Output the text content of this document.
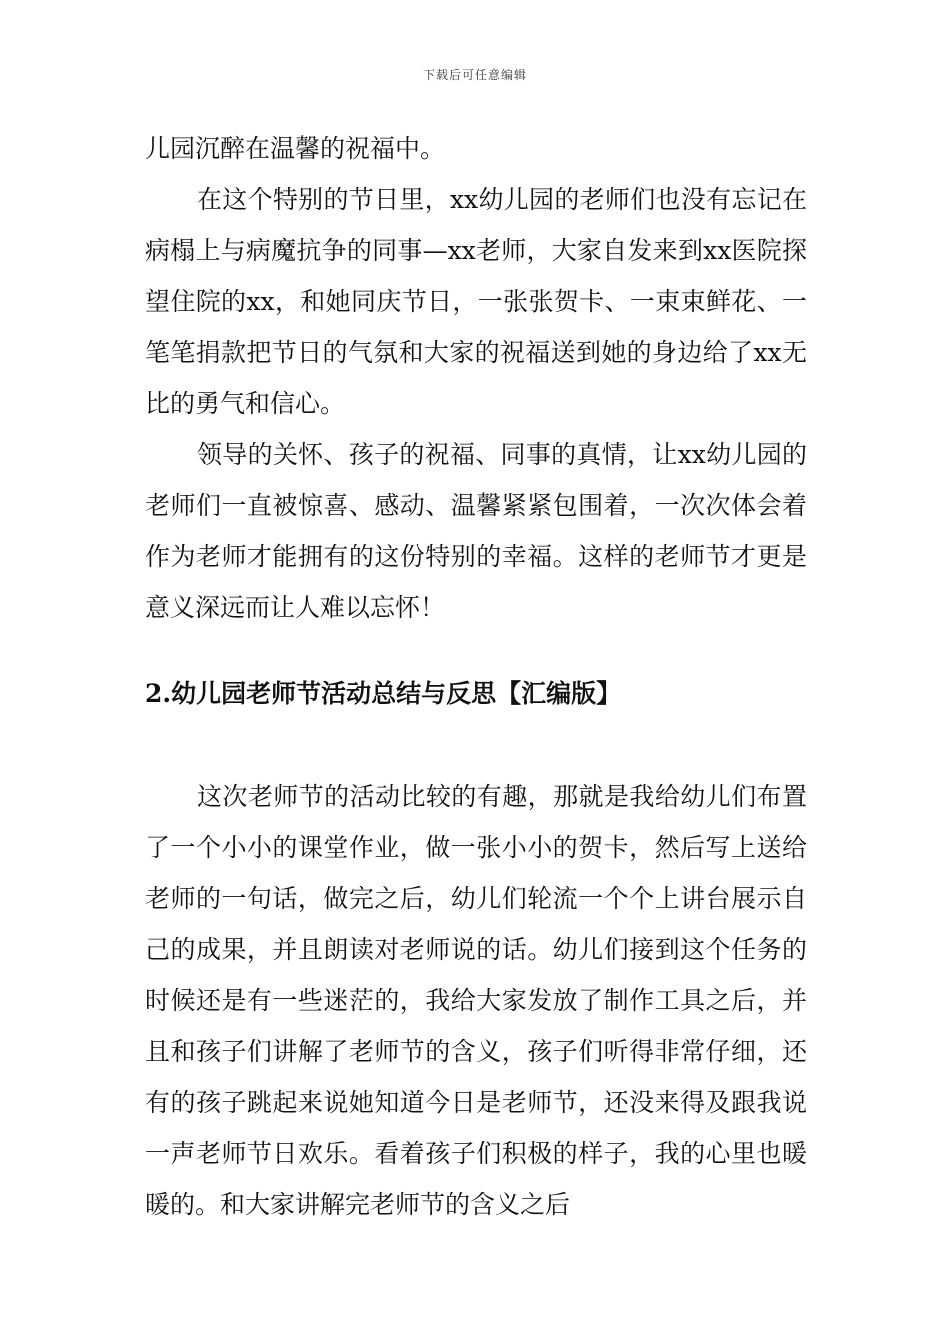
下载后可任意编辑

儿园沉醉在温馨的祝福中。

在这个特别的节日里，xx幼儿园的老师们也没有忘记在病榻上与病魔抗争的同事—xx老师，大家自发来到xx医院探望住院的xx，和她同庆节日，一张张贺卡、一束束鲜花、一笔笔捐款把节日的气氛和大家的祝福送到她的身边给了xx无比的勇气和信心。

领导的关怀、孩子的祝福、同事的真情，让xx幼儿园的老师们一直被惊喜、感动、温馨紧紧包围着，一次次体会着作为老师才能拥有的这份特别的幸福。这样的老师节才更是意义深远而让人难以忘怀！

2.幼儿园老师节活动总结与反思【汇编版】

这次老师节的活动比较的有趣，那就是我给幼儿们布置了一个小小的课堂作业，做一张小小的贺卡，然后写上送给老师的一句话，做完之后，幼儿们轮流一个个上讲台展示自己的成果，并且朗读对老师说的话。幼儿们接到这个任务的时候还是有一些迷茫的，我给大家发放了制作工具之后，并且和孩子们讲解了老师节的含义，孩子们听得非常仔细，还有的孩子跳起来说她知道今日是老师节，还没来得及跟我说一声老师节日欢乐。看着孩子们积极的样子，我的心里也暖暖的。和大家讲解完老师节的含义之后
